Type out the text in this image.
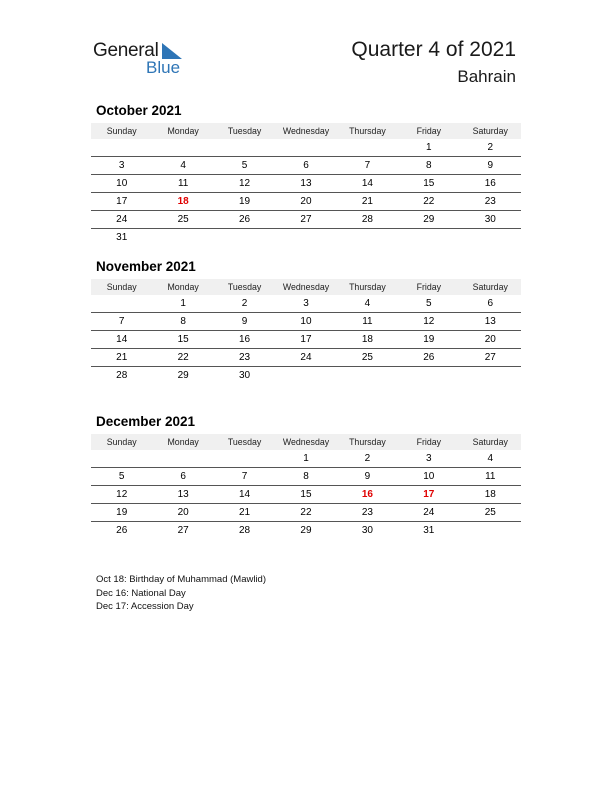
General
Blue
Quarter 4 of 2021
Bahrain
October 2021
Sunday	Monday	Tuesday	Wednesday	Thursday	Friday	Saturday
					1	2
3	4	5	6	7	8	9
10	11	12	13	14	15	16
17	18	19	20	21	22	23
24	25	26	27	28	29	30
31						
November 2021
Sunday	Monday	Tuesday	Wednesday	Thursday	Friday	Saturday
	1	2	3	4	5	6
7	8	9	10	11	12	13
14	15	16	17	18	19	20
21	22	23	24	25	26	27
28	29	30				
December 2021
Sunday	Monday	Tuesday	Wednesday	Thursday	Friday	Saturday
			1	2	3	4
5	6	7	8	9	10	11
12	13	14	15	16	17	18
19	20	21	22	23	24	25
26	27	28	29	30	31	
Oct 18: Birthday of Muhammad (Mawlid)
Dec 16: National Day
Dec 17: Accession Day
